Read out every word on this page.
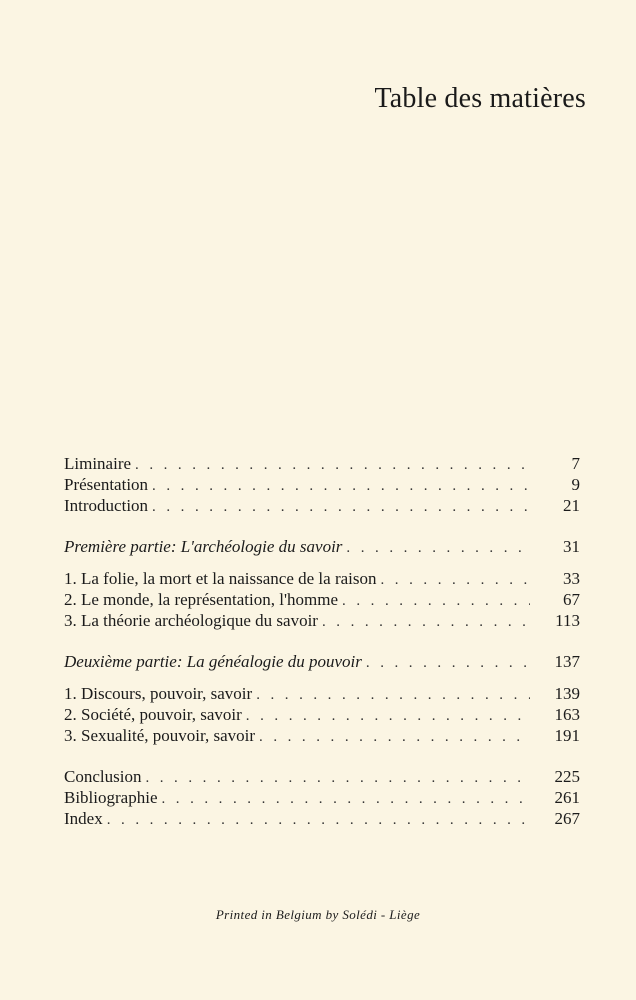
Table des matières
Liminaire . . .	7
Présentation . . .	9
Introduction . . .	21
Première partie: L'archéologie du savoir . . .	31
1. La folie, la mort et la naissance de la raison . . .	33
2. Le monde, la représentation, l'homme . . .	67
3. La théorie archéologique du savoir . . .	113
Deuxième partie: La généalogie du pouvoir . . .	137
1. Discours, pouvoir, savoir . . .	139
2. Société, pouvoir, savoir . . .	163
3. Sexualité, pouvoir, savoir . . .	191
Conclusion . . .	225
Bibliographie . . .	261
Index . . .	267
Printed in Belgium by Solédi - Liège
